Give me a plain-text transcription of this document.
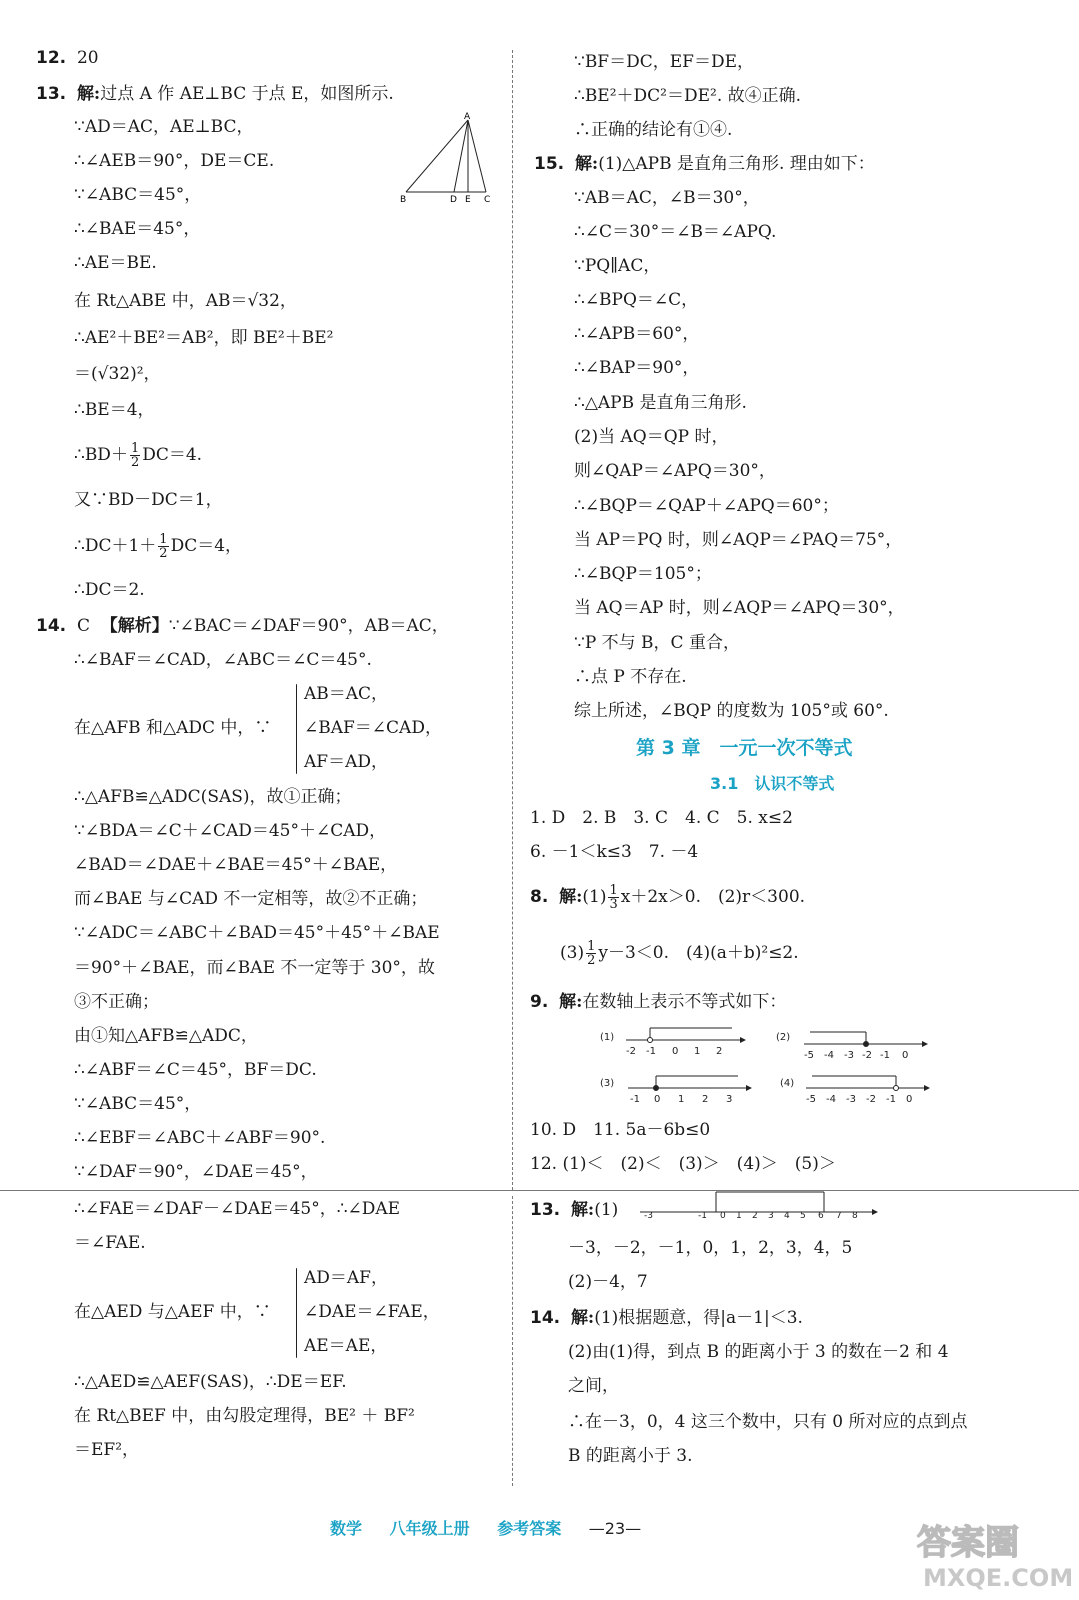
12. 20
13. 解:过点 A 作 AE⊥BC 于点 E，如图所示.
∵AD＝AC，AE⊥BC，
∴∠AEB＝90°，DE＝CE.
∵∠ABC＝45°，
∴∠BAE＝45°，
∴AE＝BE.
在 Rt△ABE 中，AB＝√32，
∴AE²＋BE²＝AB²，即 BE²＋BE²
＝(√32)²，
∴BE＝4，
∴BD＋ $\frac{1}{2} DC=4$.
又∵BD－DC＝1，
∴DC＋1＋ $\frac{1}{2} DC=4$，
∴DC＝2.
A
B	D E C
14. C 【解析】∵∠BAC＝∠DAF＝90°，AB＝AC，
∴∠BAF＝∠CAD，∠ABC＝∠C＝45°.
在△AFB 和△ADC 中，∵
AB＝AC，
∠BAF＝∠CAD，
AF＝AD，
∴△AFB≌△ADC(SAS)，故①正确；
∵∠BDA＝∠C＋∠CAD＝45°＋∠CAD，
∠BAD＝∠DAE＋∠BAE＝45°＋∠BAE，
而∠BAE 与∠CAD 不一定相等，故②不正确；
∵∠ADC＝∠ABC＋∠BAD＝45°＋45°＋∠BAE
＝90°＋∠BAE，而∠BAE 不一定等于 30°，故
③不正确；
由①知△AFB≌△ADC，
∴∠ABF＝∠C＝45°，BF＝DC.
∵∠ABC＝45°，
∴∠EBF＝∠ABC＋∠ABF＝90°.
∵∠DAF＝90°，∠DAE＝45°，
∴∠FAE＝∠DAF－∠DAE＝45°，∴∠DAE
＝∠FAE.
在△AED 与△AEF 中，∵
AD＝AF，
∠DAE＝∠FAE，
AE＝AE，
∴△AED≌△AEF(SAS)，∴DE＝EF.
在 Rt△BEF 中，由勾股定理得，BE² ＋ BF²
＝EF²，
∵BF＝DC，EF＝DE，
∴BE²＋DC²＝DE². 故④正确.
∴正确的结论有①④.
15. 解:(1)△APB 是直角三角形. 理由如下：
∵AB＝AC，∠B＝30°，
∴∠C＝30°＝∠B＝∠APQ.
∵PQ∥AC，
∴∠BPQ＝∠C，
∴∠APB＝60°，
∴∠BAP＝90°，
∴△APB 是直角三角形.
(2)当 AQ＝QP 时，
则∠QAP＝∠APQ＝30°，
∴∠BQP＝∠QAP＋∠APQ＝60°；
当 AP＝PQ 时，则∠AQP＝∠PAQ＝75°，
∴∠BQP＝105°；
当 AQ＝AP 时，则∠AQP＝∠APQ＝30°，
∵P 不与 B，C 重合，
∴点 P 不存在.
综上所述，∠BQP 的度数为 105°或 60°.
第 3 章　一元一次不等式
3.1　认识不等式
1. D　2. B　3. C　4. C　5. x≤2
6. －1＜k≤3　7. －4
8. 解:(1) $\frac{1}{3} x+2x>0$.　(2)r＜300.
$(3) \frac{1}{2} y-3<0$.　(4)(a＋b)²≤2.
9. 解:在数轴上表示不等式如下：
(1)
-2 -1 0 1 2
(2)
-5 -4 -3 -2 -1 0
(3)
-1 0 1 2 3
(4)
-5 -4 -3 -2 -1 0
10. D　11. 5a－6b≤0
12. (1)＜　(2)＜　(3)＞　(4)＞　(5)＞
13. 解:(1)	-3	-1 0 1 2 3 4 5 6 7 8
－3，－2，－1，0，1，2，3，4，5
(2)－4，7
14. 解:(1)根据题意，得|a－1|＜3.
(2)由(1)得，到点 B 的距离小于 3 的数在－2 和 4
之间，
∴在－3，0，4 这三个数中，只有 0 所对应的点到点
B 的距离小于 3.
数学 八年级上册 参考答案 —23—	答案圈
MXQE.COM
